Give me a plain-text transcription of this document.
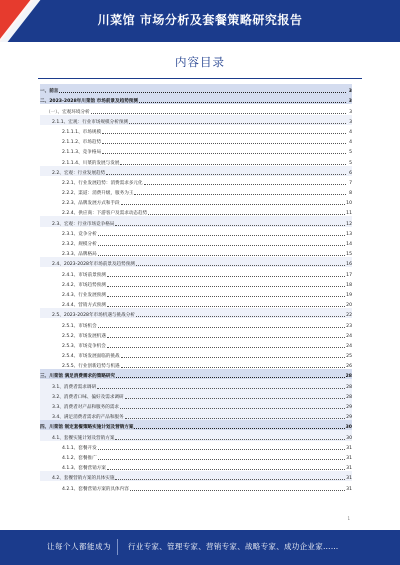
川菜馆 市场分析及套餐策略研究报告
内容目录
一、前言	3
二、2023-2028年川菜馆 市场前景及趋势预测	3
（一）、宏观环境分析	3
2.1.1、宏观：行业市场规模分析预测	3
2.1.1.1、市场规模	4
2.1.1.2、市场趋势	4
2.1.1.3、竞争格局	5
2.1.1.4、川菜的发展与发展	5
2.2、宏观：行业发展趋势	6
2.2.1、行业发展趋势：消费需求多元化	7
2.2.2、渠道：消费升级，服务为王	8
2.2.3、品牌发展方式和手段	10
2.2.4、供应商：下游客户及需求动态趋势	11
2.3、宏观：行业市场竞争格局	12
2.3.1、竞争分析	13
2.3.2、规模分析	14
2.3.3、品牌格局	15
2.4、2023-2028年市场前景及趋势预测	16
2.4.1、市场前景预测	17
2.4.2、市场趋势预测	18
2.4.3、行业发展预测	19
2.4.4、营销方式预测	20
2.5、2023-2028年市场机遇与挑战分析	22
2.5.1、市场机会	23
2.5.2、市场发展机遇	24
2.5.3、市场竞争机会	24
2.5.4、市场发展面临的挑战	25
2.5.5、行业创新趋势与机遇	26
三、川菜馆 满足消费需求的策略研究	28
3.1、消费者需求调研	28
3.2、消费者口味、偏好及需求调研	28
3.3、消费者对产品和服务的需求	29
3.4、满足消费者需求的产品和服务	29
四、川菜馆 制定套餐策略实施计划及营销方案	30
4.1、套餐实施计划及营销方案	30
4.1.1、套餐开发	31
4.1.2、套餐推广	31
4.1.3、套餐营销方案	31
4.2、套餐营销方案的具体实施	31
4.2.1、套餐营销方案的具体内容	31
1
让每个人都能成为 行业专家、管理专家、营销专家、战略专家、成功企业家……
